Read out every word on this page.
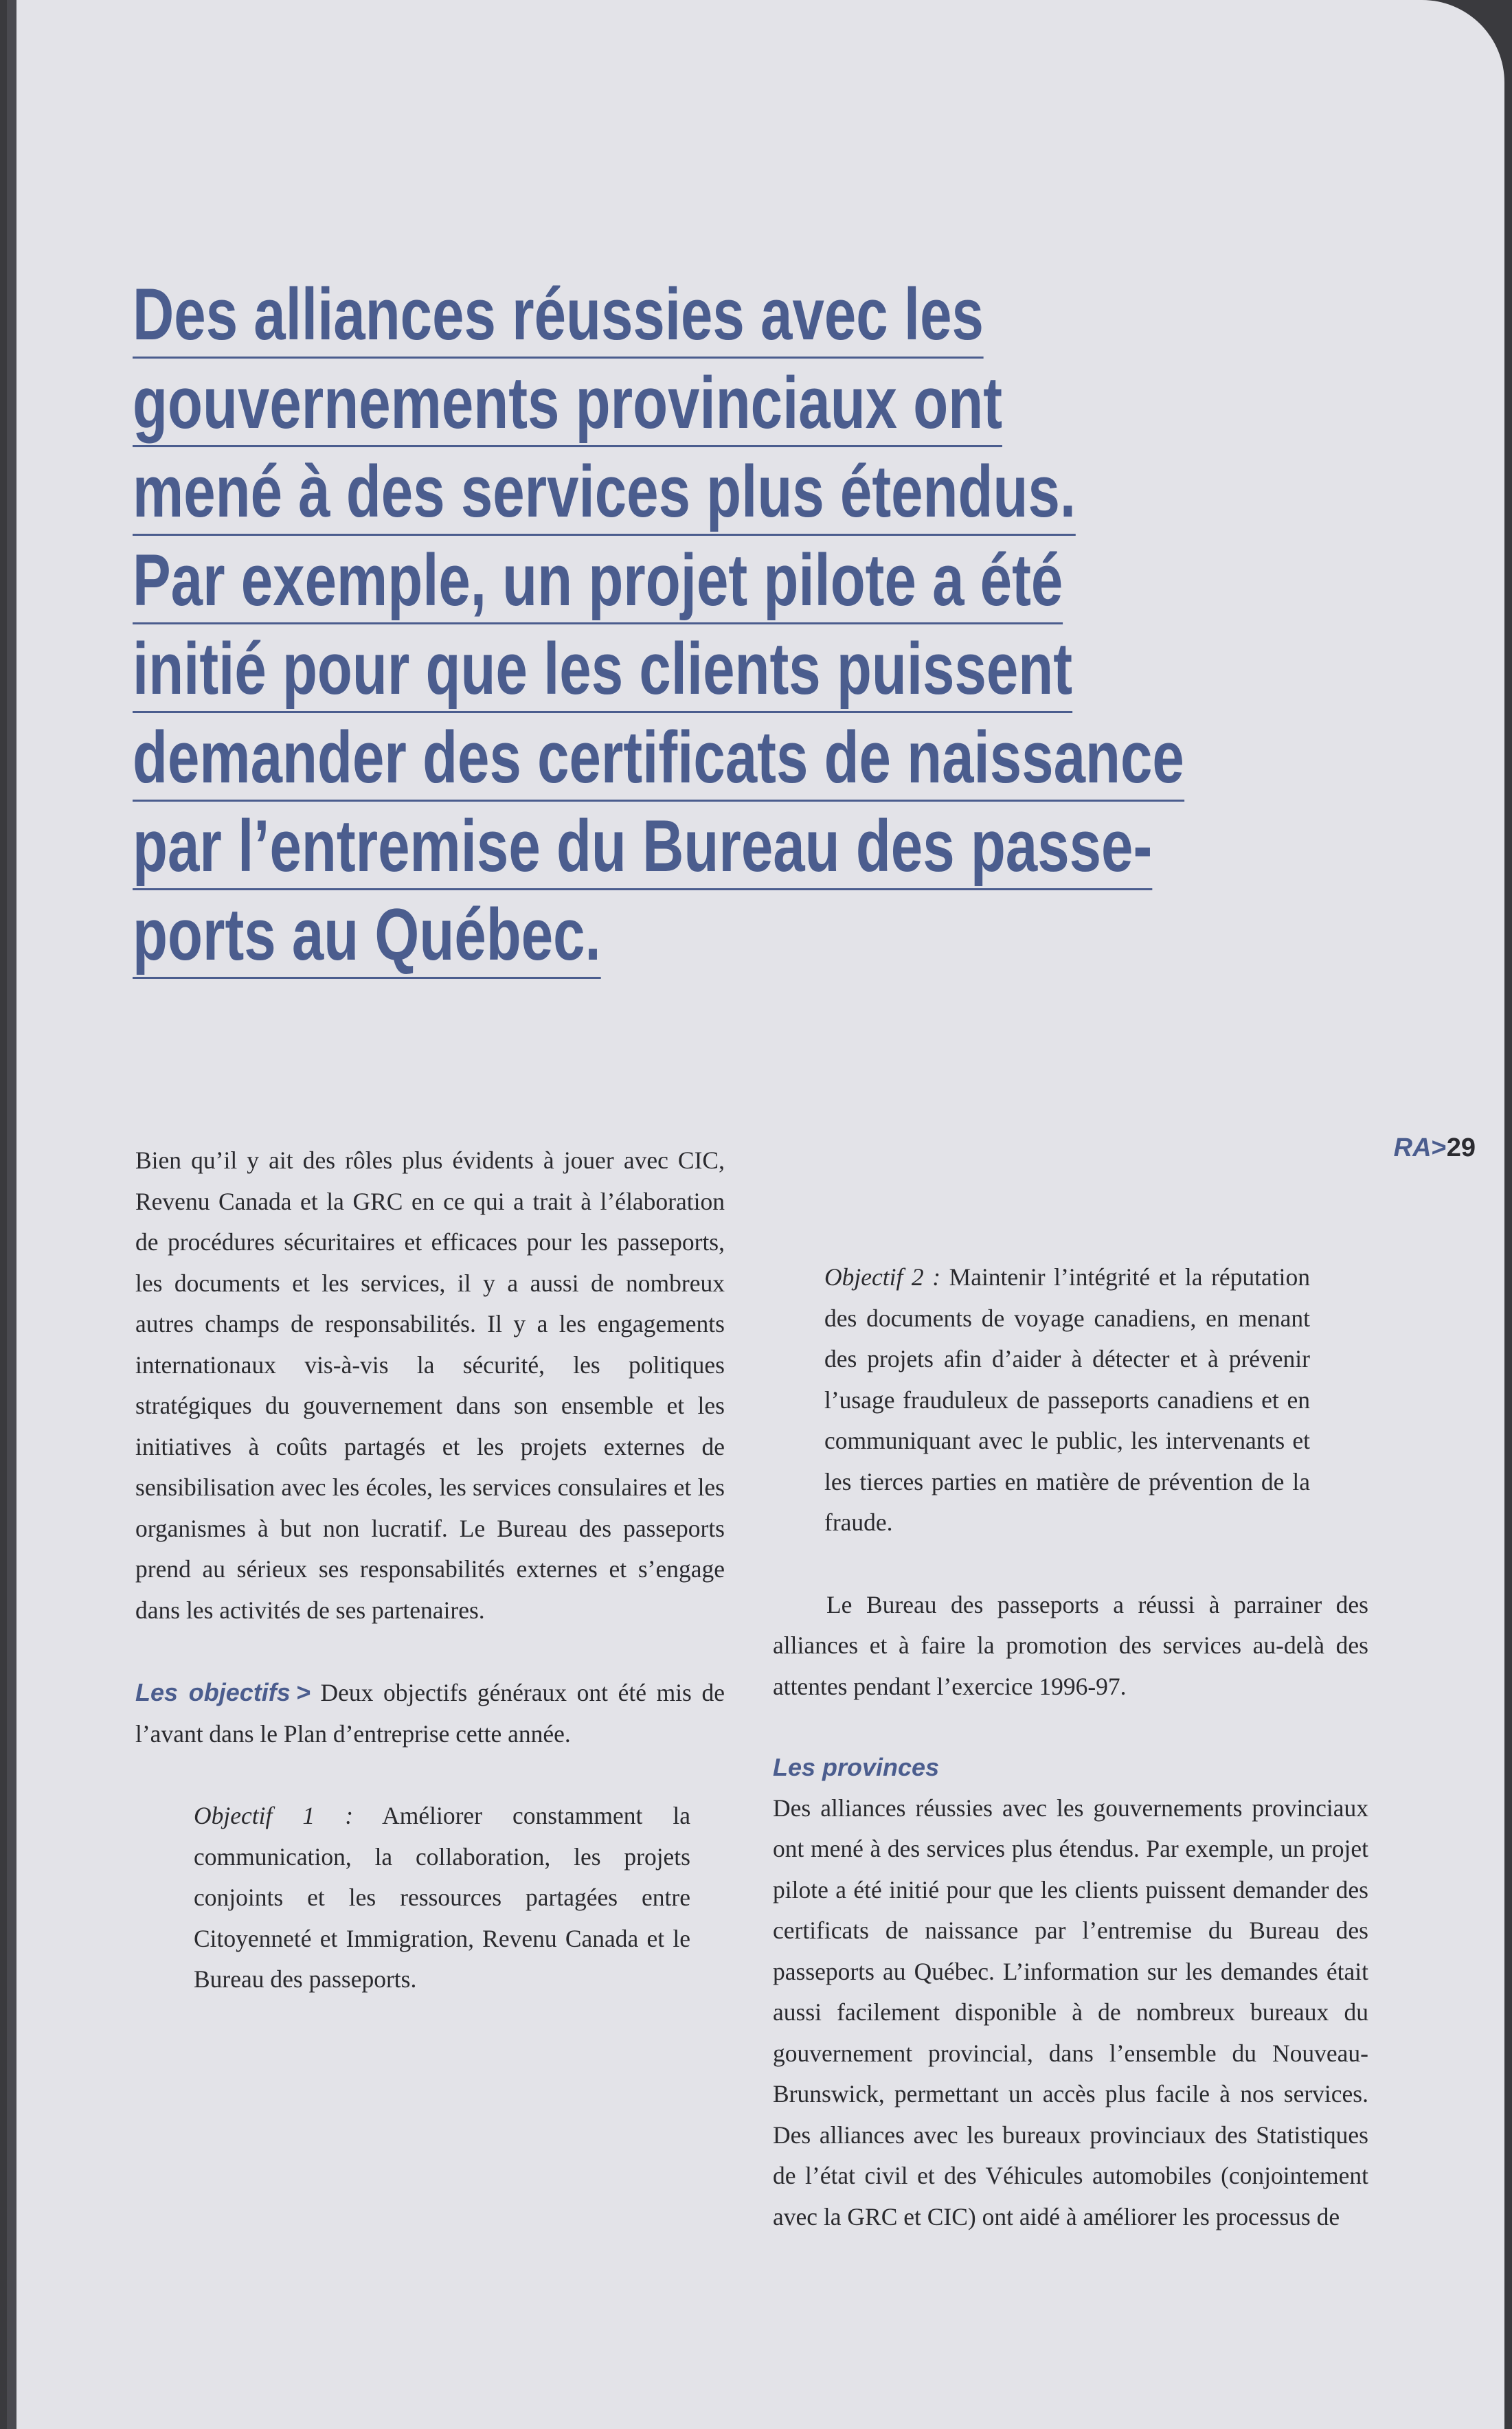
Des alliances réussies avec les
gouvernements provinciaux ont
mené à des services plus étendus.
Par exemple, un projet pilote a été
initié pour que les clients puissent
demander des certificats de naissance
par l’entremise du Bureau des passe-
ports au Québec.
RA>29

Bien qu’il y ait des rôles plus évidents à jouer avec CIC, Revenu Canada et la GRC en ce qui a trait à l’élaboration de procédures sécuritaires et efficaces pour les passeports, les documents et les services, il y a aussi de nombreux autres champs de responsabilités. Il y a les engagements internationaux vis-à-vis la sécurité, les politiques stratégiques du gouvernement dans son ensemble et les initiatives à coûts partagés et les projets externes de sensibilisation avec les écoles, les services consulaires et les organismes à but non lucratif. Le Bureau des passeports prend au sérieux ses responsabilités externes et s’engage dans les activités de ses partenaires.

Les objectifs > Deux objectifs généraux ont été mis de l’avant dans le Plan d’entreprise cette année.

Objectif 1 : Améliorer constamment la communication, la collaboration, les projets conjoints et les ressources partagées entre Citoyenneté et Immigration, Revenu Canada et le Bureau des passeports.

Objectif 2 : Maintenir l’intégrité et la réputation des documents de voyage canadiens, en menant des projets afin d’aider à détecter et à prévenir l’usage frauduleux de passeports canadiens et en communiquant avec le public, les intervenants et les tierces parties en matière de prévention de la fraude.

Le Bureau des passeports a réussi à parrainer des alliances et à faire la promotion des services au-delà des attentes pendant l’exercice 1996-97.

Les provinces

Des alliances réussies avec les gouvernements provinciaux ont mené à des services plus étendus. Par exemple, un projet pilote a été initié pour que les clients puissent demander des certificats de naissance par l’entremise du Bureau des passeports au Québec. L’information sur les demandes était aussi facilement disponible à de nombreux bureaux du gouvernement provincial, dans l’ensemble du Nouveau-Brunswick, permettant un accès plus facile à nos services. Des alliances avec les bureaux provinciaux des Statistiques de l’état civil et des Véhicules automobiles (conjointement avec la GRC et CIC) ont aidé à améliorer les processus de
